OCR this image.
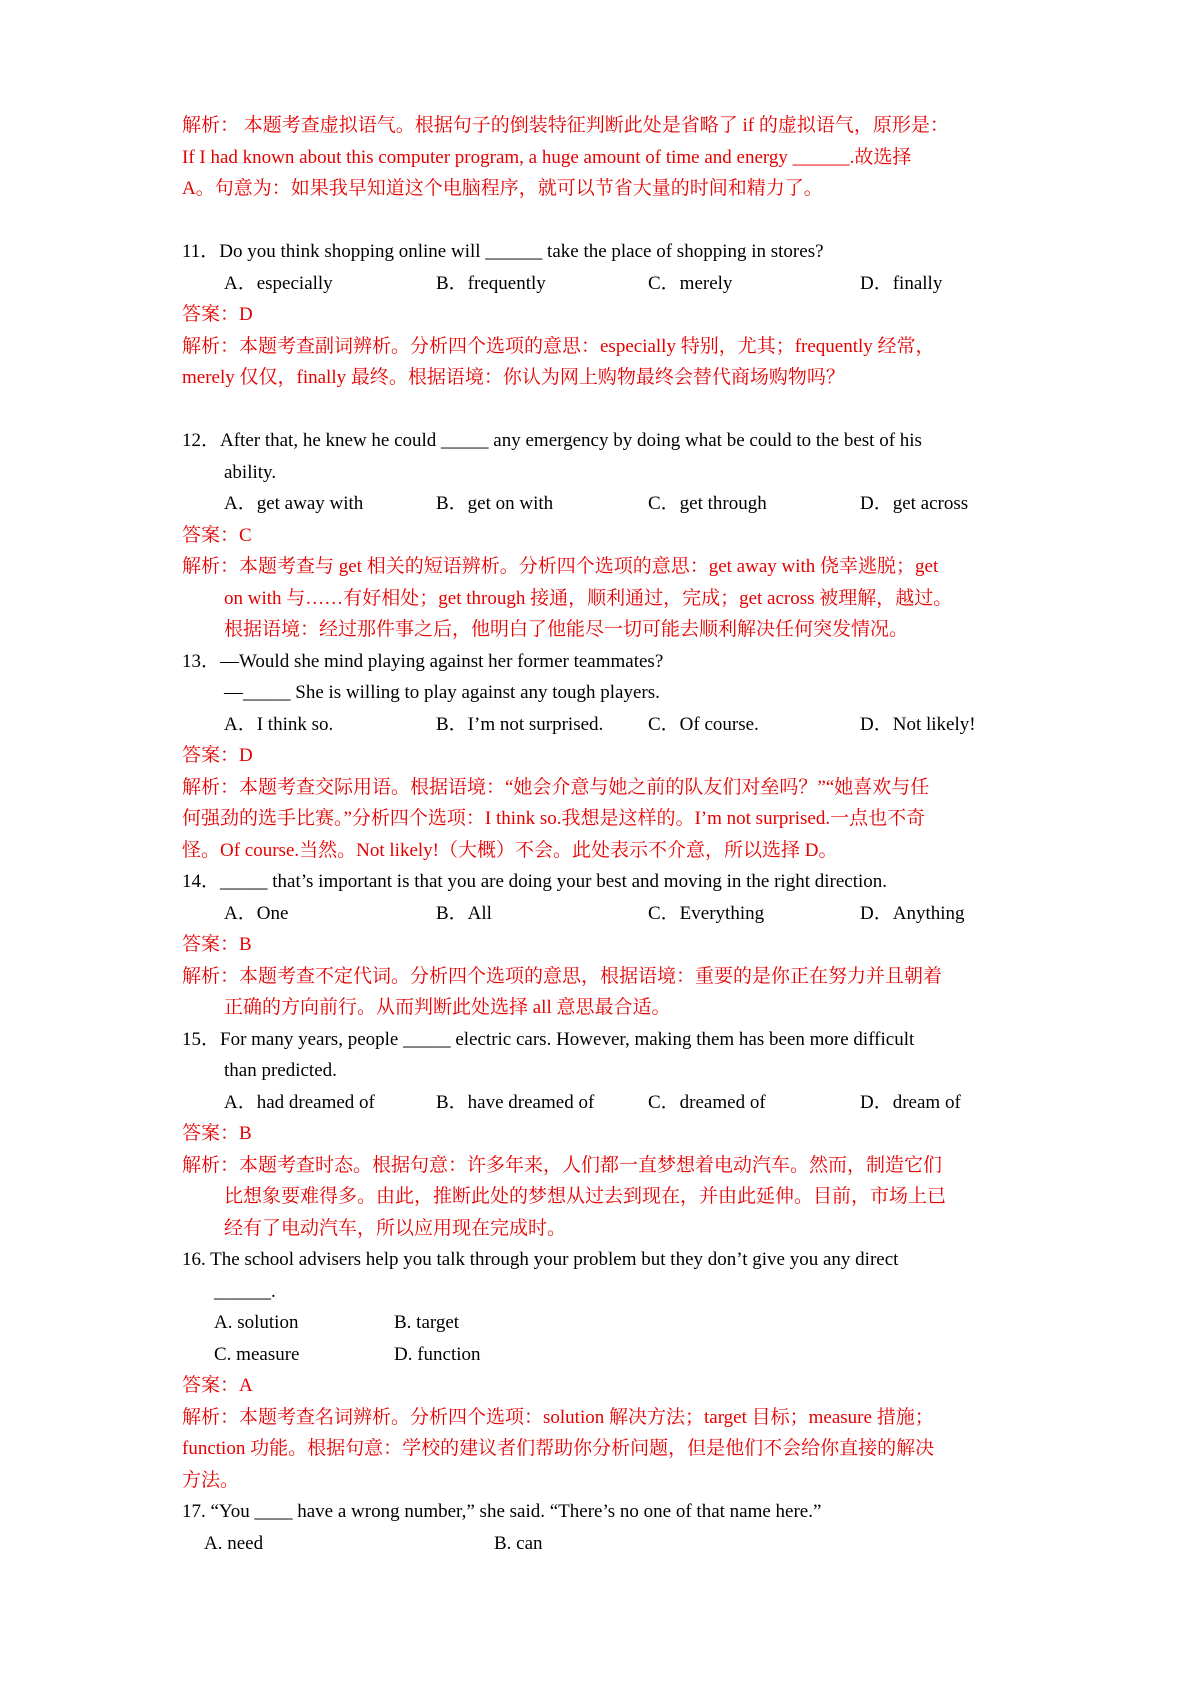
解析： 本题考查虚拟语气。根据句子的倒装特征判断此处是省略了 if 的虚拟语气，原形是：
If I had known about this computer program, a huge amount of time and energy ______.故选择
A。句意为：如果我早知道这个电脑程序，就可以节省大量的时间和精力了。
11．Do you think shopping online will ______ take the place of shopping in stores?
A．especially	B．frequently	C．merely	D．finally
答案：D
解析：本题考查副词辨析。分析四个选项的意思：especially 特别，尤其；frequently 经常，
merely 仅仅，finally 最终。根据语境：你认为网上购物最终会替代商场购物吗？
12．After that, he knew he could _____ any emergency by doing what be could to the best of his
ability.
A．get away with	B．get on with	C．get through	D．get across
答案：C
解析：本题考查与 get 相关的短语辨析。分析四个选项的意思：get away with 侥幸逃脱；get
on with 与……有好相处；get through 接通，顺利通过，完成；get across 被理解，越过。
根据语境：经过那件事之后，他明白了他能尽一切可能去顺利解决任何突发情况。
13．—Would she mind playing against her former teammates?
—_____ She is willing to play against any tough players.
A．I think so.	B．I’m not surprised.	C．Of course.	D．Not likely!
答案：D
解析：本题考查交际用语。根据语境：“她会介意与她之前的队友们对垒吗？”“她喜欢与任
何强劲的选手比赛。”分析四个选项：I think so.我想是这样的。I’m not surprised.一点也不奇
怪。Of course.当然。Not likely!（大概）不会。此处表示不介意，所以选择 D。
14．_____ that’s important is that you are doing your best and moving in the right direction.
A．One	B．All	C．Everything	D．Anything
答案：B
解析：本题考查不定代词。分析四个选项的意思，根据语境：重要的是你正在努力并且朝着
正确的方向前行。从而判断此处选择 all 意思最合适。
15．For many years, people _____ electric cars. However, making them has been more difficult
than predicted.
A．had dreamed of	B．have dreamed of	C．dreamed of	D．dream of
答案：B
解析：本题考查时态。根据句意：许多年来，人们都一直梦想着电动汽车。然而，制造它们
比想象要难得多。由此，推断此处的梦想从过去到现在，并由此延伸。目前，市场上已
经有了电动汽车，所以应用现在完成时。
16. The school advisers help you talk through your problem but they don’t give you any direct
______.
A. solution	B. target
C. measure	D. function
答案：A
解析：本题考查名词辨析。分析四个选项：solution 解决方法；target 目标；measure 措施；
function 功能。根据句意：学校的建议者们帮助你分析问题，但是他们不会给你直接的解决
方法。
17. “You ____ have a wrong number,” she said. “There’s no one of that name here.”
A. need	B. can
